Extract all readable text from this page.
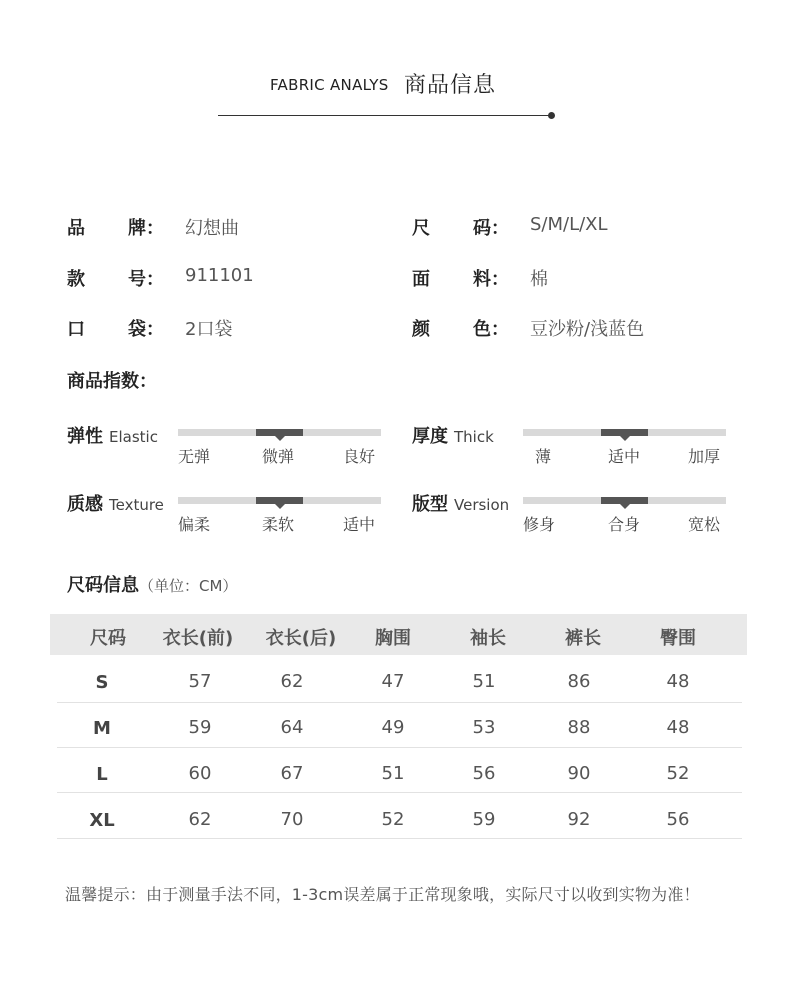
FABRIC ANALYS 商品信息
品 牌： 幻想曲	尺 码： S/M/L/XL
款 号： 911101	面 料： 棉
口 袋： 2口袋	颜 色： 豆沙粉/浅蓝色
商品指数：
弹性 Elastic
无弹	微弹	良好
厚度 Thick
薄	适中	加厚
质感 Texture
偏柔	柔软	适中
版型 Version
修身	合身	宽松
尺码信息（单位：CM）
尺码	衣长(前)	衣长(后)	胸围	袖长	裤长	臀围
S	57	62	47	51	86	48
M	59	64	49	53	88	48
L	60	67	51	56	90	52
XL	62	70	52	59	92	56
温馨提示：由于测量手法不同，1-3cm误差属于正常现象哦，实际尺寸以收到实物为准！
